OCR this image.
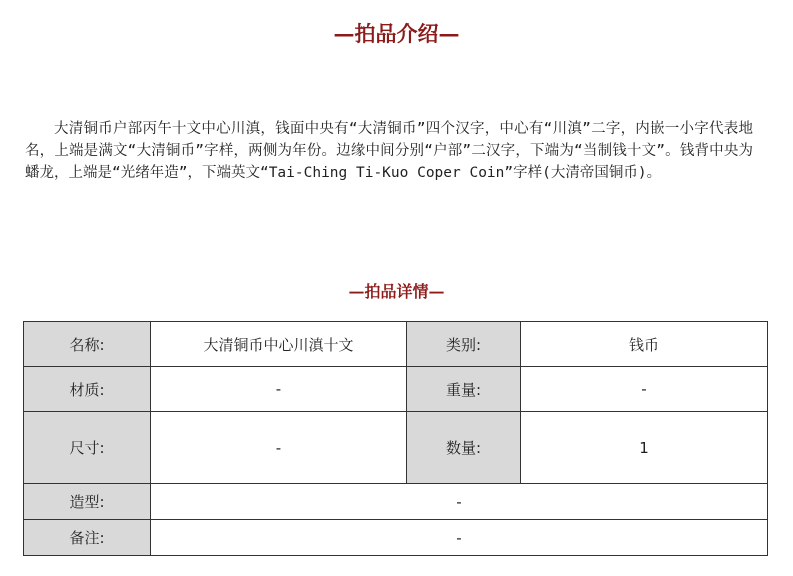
—拍品介绍—

大清铜币户部丙午十文中心川滇，钱面中央有“大清铜币”四个汉字，中心有“川滇”二字，内嵌一小字代表地名，上端是满文“大清铜币”字样，两侧为年份。边缘中间分别“户部”二汉字，下端为“当制钱十文”。钱背中央为蟠龙，上端是“光绪年造”，下端英文“Tai-Ching Ti-Kuo Coper Coin”字样(大清帝国铜币)。

—拍品详情—
名称:	大清铜币中心川滇十文	类别:	钱币
材质:	-	重量:	-
尺寸:	-	数量:	1
造型:	-		
备注:	-		
